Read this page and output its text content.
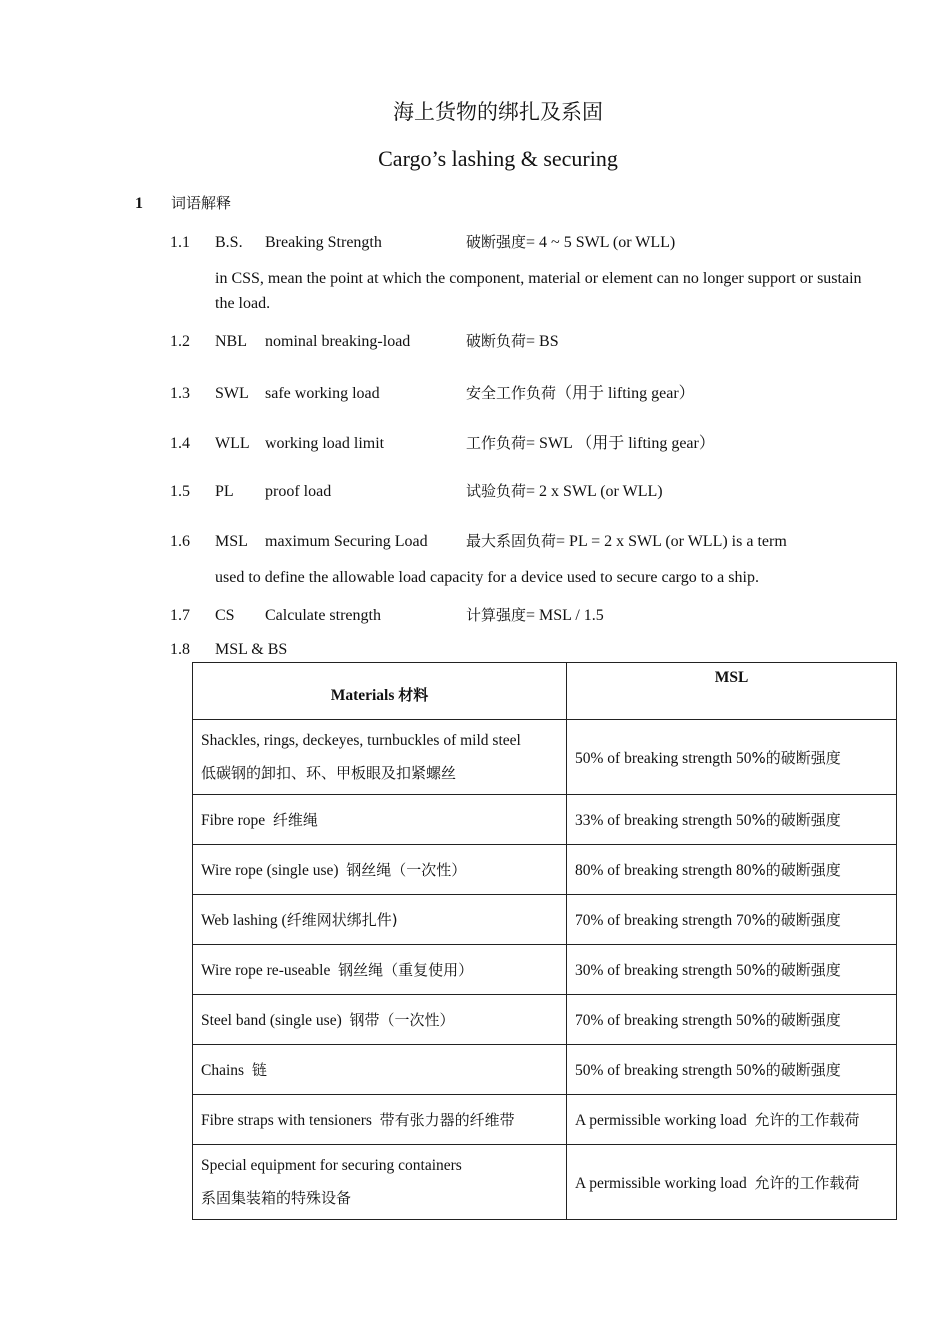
海上货物的绑扎及系固
Cargo’s lashing & securing
1 词语解释
1.1 B.S. Breaking Strength	破断强度= 4 ~ 5 SWL (or WLL)
in CSS, mean the point at which the component, material or element can no longer support or sustain the load.
1.2 NBL nominal breaking-load	破断负荷= BS
1.3 SWL safe working load	安全工作负荷（用于 lifting gear）
1.4 WLL working load limit	工作负荷= SWL （用于 lifting gear）
1.5 PL proof load	试验负荷= 2 x SWL (or WLL)
1.6 MSL maximum Securing Load	最大系固负荷= PL = 2 x SWL (or WLL) is a term
used to define the allowable load capacity for a device used to secure cargo to a ship.
1.7 CS Calculate strength	计算强度= MSL / 1.5
1.8 MSL & BS
Materials 材料	MSL

Shackles, rings, deckeyes, turnbuckles of mild steel
低碳钢的卸扣、环、甲板眼及扣紧螺丝	50% of breaking strength 50%的破断强度
Fibre rope 纤维绳	33% of breaking strength 50%的破断强度
Wire rope (single use) 钢丝绳（一次性）	80% of breaking strength 80%的破断强度
Web lashing (纤维网状绑扎件)	70% of breaking strength 70%的破断强度
Wire rope re-useable 钢丝绳（重复使用）	30% of breaking strength 50%的破断强度
Steel band (single use) 钢带（一次性）	70% of breaking strength 50%的破断强度
Chains 链	50% of breaking strength 50%的破断强度
Fibre straps with tensioners 带有张力器的纤维带	A permissible working load 允许的工作载荷

Special equipment for securing containers
系固集装箱的特殊设备	A permissible working load 允许的工作载荷
